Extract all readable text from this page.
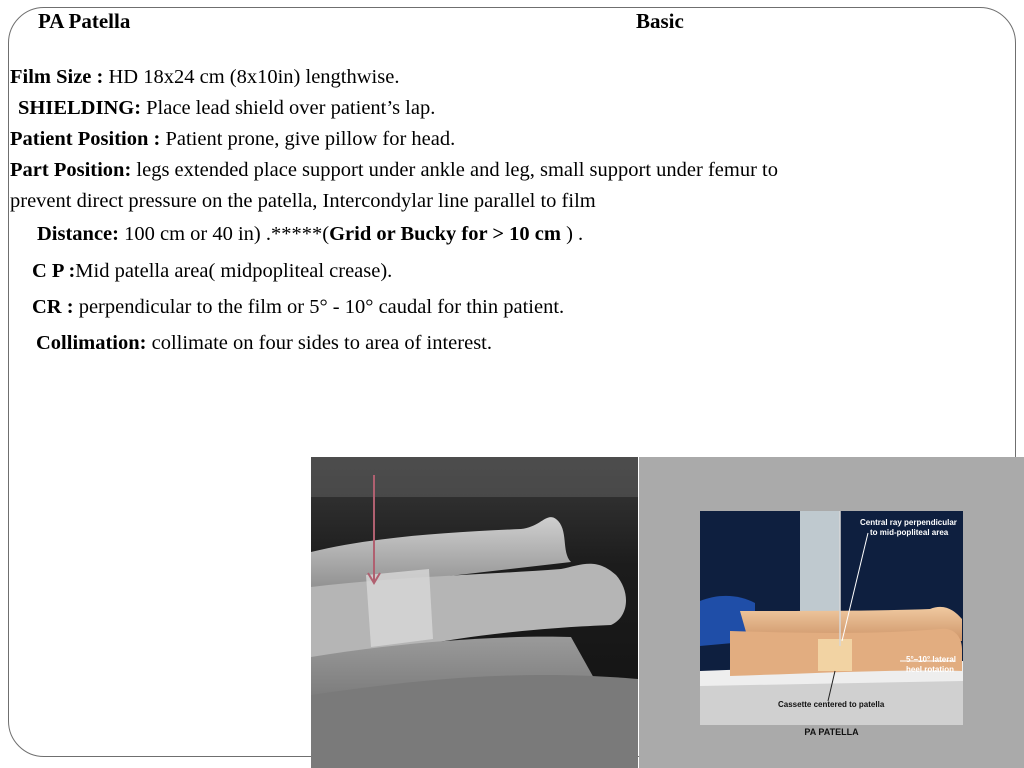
PA Patella	Basic
Film Size : HD 18x24 cm (8x10in) lengthwise.
SHIELDING: Place lead shield over patient’s lap.
Patient Position : Patient prone, give pillow for head.
Part Position: legs extended place support under ankle and leg, small support under femur to prevent direct pressure on the patella, Intercondylar line parallel to film
Distance: 100 cm or 40 in) .*****(Grid or Bucky for > 10 cm ) .
C P :Mid patella area( midpopliteal crease).
CR : perpendicular to the film or 5° - 10° caudal for thin patient.
Collimation: collimate on four sides to area of interest.
Central ray perpendicular
to mid-popliteal area
5°–10° lateral
heel rotation
Cassette centered to patella
PA PATELLA
